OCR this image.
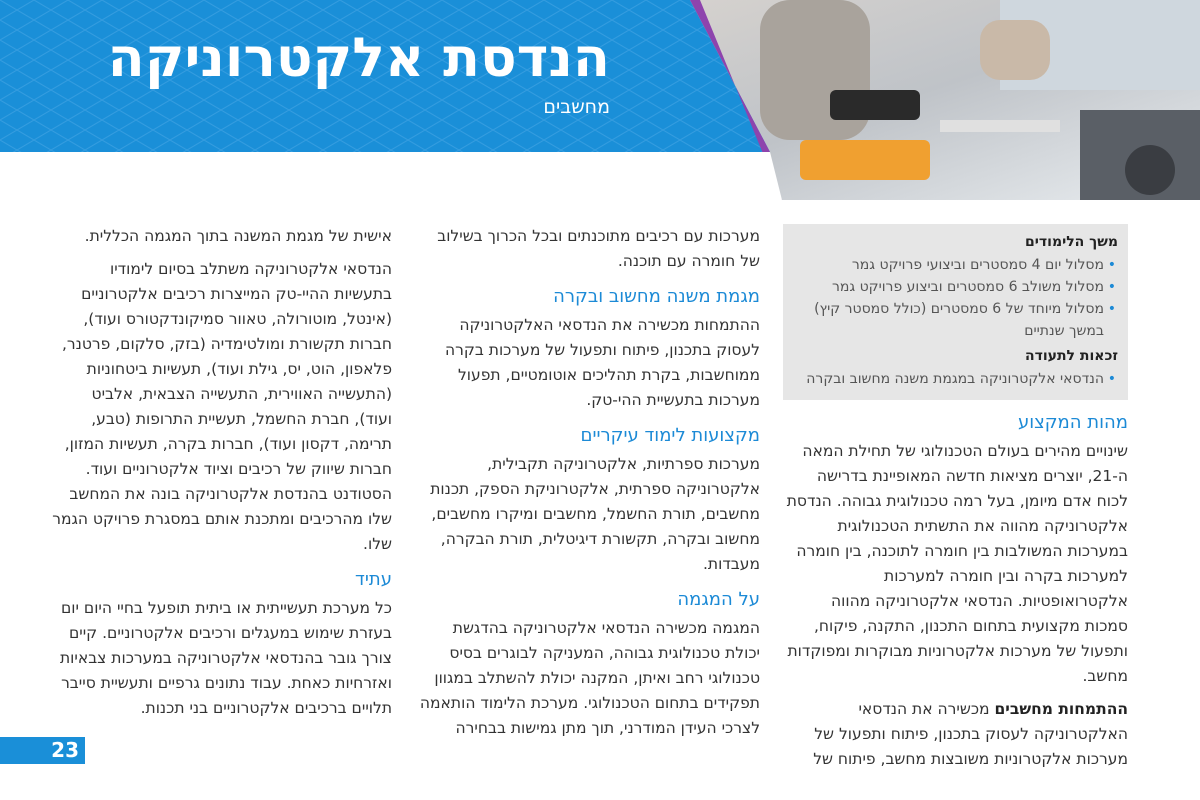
הנדסת אלקטרוניקה
מחשבים
משך הלימודים
• מסלול יום 4 סמסטרים וביצועי פרויקט גמר
• מסלול משולב 6 סמסטרים וביצוע פרויקט גמר
• מסלול מיוחד של 6 סמסטרים (כולל סמסטר קיץ) במשך שנתיים
זכאות לתעודה
• הנדסאי אלקטרוניקה במגמת משנה מחשוב ובקרה
מהות המקצוע

שינויים מהירים בעולם הטכנולוגי של תחילת המאה ה-21, יוצרים מציאות חדשה המאופיינת בדרישה לכוח אדם מיומן, בעל רמה טכנולוגית גבוהה. הנדסת אלקטרוניקה מהווה את התשתית הטכנולוגית במערכות המשולבות בין חומרה לתוכנה, בין חומרה למערכות בקרה ובין חומרה למערכות אלקטרואופטיות. הנדסאי אלקטרוניקה מהווה סמכות מקצועית בתחום התכנון, התקנה, פיקוח, ותפעול של מערכות אלקטרוניות מבוקרות ומפוקדות מחשב.

ההתמחות מחשבים מכשירה את הנדסאי האלקטרוניקה לעסוק בתכנון, פיתוח ותפעול של מערכות אלקטרוניות משובצות מחשב, פיתוח של

מערכות עם רכיבים מתוכנתים ובכל הכרוך בשילוב של חומרה עם תוכנה.

מגמת משנה מחשוב ובקרה

ההתמחות מכשירה את הנדסאי האלקטרוניקה לעסוק בתכנון, פיתוח ותפעול של מערכות בקרה ממוחשבות, בקרת תהליכים אוטומטיים, תפעול מערכות בתעשיית ההי-טק.

מקצועות לימוד עיקריים

מערכות ספרתיות, אלקטרוניקה תקבילית, אלקטרוניקה ספרתית, אלקטרוניקת הספק, תכנות מחשבים, תורת החשמל, מחשבים ומיקרו מחשבים, מחשוב ובקרה, תקשורת דיגיטלית, תורת הבקרה, מעבדות.

על המגמה

המגמה מכשירה הנדסאי אלקטרוניקה בהדגשת יכולת טכנולוגית גבוהה, המעניקה לבוגרים בסיס טכנולוגי רחב ואיתן, המקנה יכולת להשתלב במגוון תפקידים בתחום הטכנולוגי. מערכת הלימוד הותאמה לצרכי העידן המודרני, תוך מתן גמישות בבחירה

אישית של מגמת המשנה בתוך המגמה הכללית.

הנדסאי אלקטרוניקה משתלב בסיום לימודיו בתעשיות ההיי-טק המייצרות רכיבים אלקטרוניים (אינטל, מוטורולה, טאוור סמיקונדקטורס ועוד), חברות תקשורת ומולטימדיה (בזק, סלקום, פרטנר, פלאפון, הוט, יס, גילת ועוד), תעשיות ביטחוניות (התעשייה האווירית, התעשייה הצבאית, אלביט ועוד), חברת החשמל, תעשיית התרופות (טבע, תרימה, דקסון ועוד), חברות בקרה, תעשיות המזון, חברות שיווק של רכיבים וציוד אלקטרוניים ועוד. הסטודנט בהנדסת אלקטרוניקה בונה את המחשב שלו מהרכיבים ומתכנת אותם במסגרת פרויקט הגמר שלו.

עתיד

כל מערכת תעשייתית או ביתית תופעל בחיי היום יום בעזרת שימוש במעגלים ורכיבים אלקטרוניים. קיים צורך גובר בהנדסאי אלקטרוניקה במערכות צבאיות ואזרחיות כאחת. עבוד נתונים גרפיים ותעשיית סייבר תלויים ברכיבים אלקטרוניים בני תכנות.

23
